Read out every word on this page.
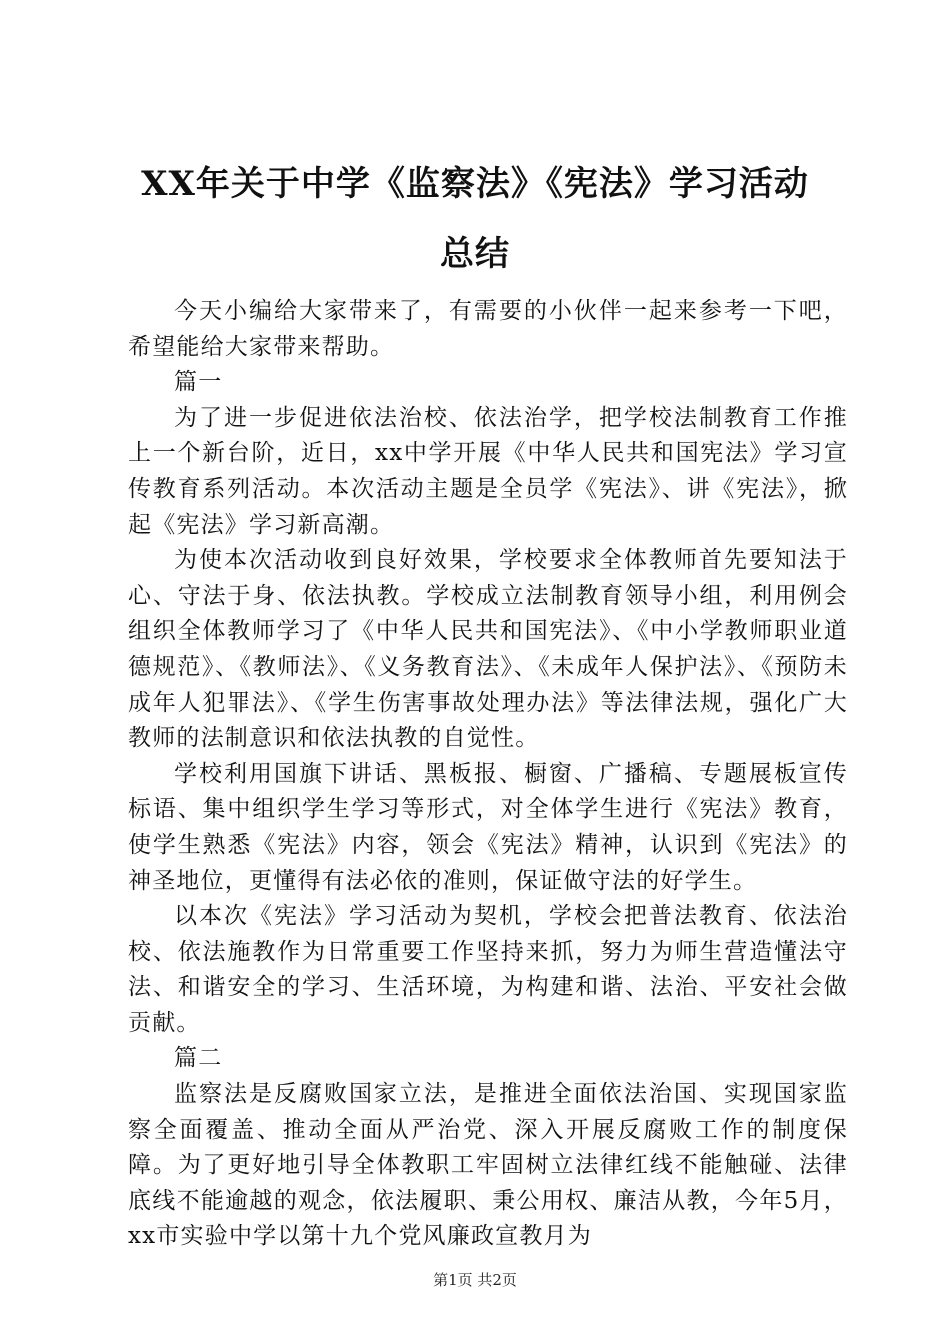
XX年关于中学《监察法》《宪法》学习活动
总结

今天小编给大家带来了，有需要的小伙伴一起来参考一下吧，希望能给大家带来帮助。

篇一

为了进一步促进依法治校、依法治学，把学校法制教育工作推上一个新台阶，近日，xx中学开展《中华人民共和国宪法》学习宣传教育系列活动。本次活动主题是全员学《宪法》、讲《宪法》，掀起《宪法》学习新高潮。

为使本次活动收到良好效果，学校要求全体教师首先要知法于心、守法于身、依法执教。学校成立法制教育领导小组，利用例会组织全体教师学习了《中华人民共和国宪法》、《中小学教师职业道德规范》、《教师法》、《义务教育法》、《未成年人保护法》、《预防未成年人犯罪法》、《学生伤害事故处理办法》等法律法规，强化广大教师的法制意识和依法执教的自觉性。

学校利用国旗下讲话、黑板报、橱窗、广播稿、专题展板宣传标语、集中组织学生学习等形式，对全体学生进行《宪法》教育，使学生熟悉《宪法》内容，领会《宪法》精神，认识到《宪法》的神圣地位，更懂得有法必依的准则，保证做守法的好学生。

以本次《宪法》学习活动为契机，学校会把普法教育、依法治校、依法施教作为日常重要工作坚持来抓，努力为师生营造懂法守法、和谐安全的学习、生活环境，为构建和谐、法治、平安社会做贡献。

篇二

监察法是反腐败国家立法，是推进全面依法治国、实现国家监察全面覆盖、推动全面从严治党、深入开展反腐败工作的制度保障。为了更好地引导全体教职工牢固树立法律红线不能触碰、法律底线不能逾越的观念，依法履职、秉公用权、廉洁从教，今年5月，xx市实验中学以第十九个党风廉政宣教月为

第1页 共2页
